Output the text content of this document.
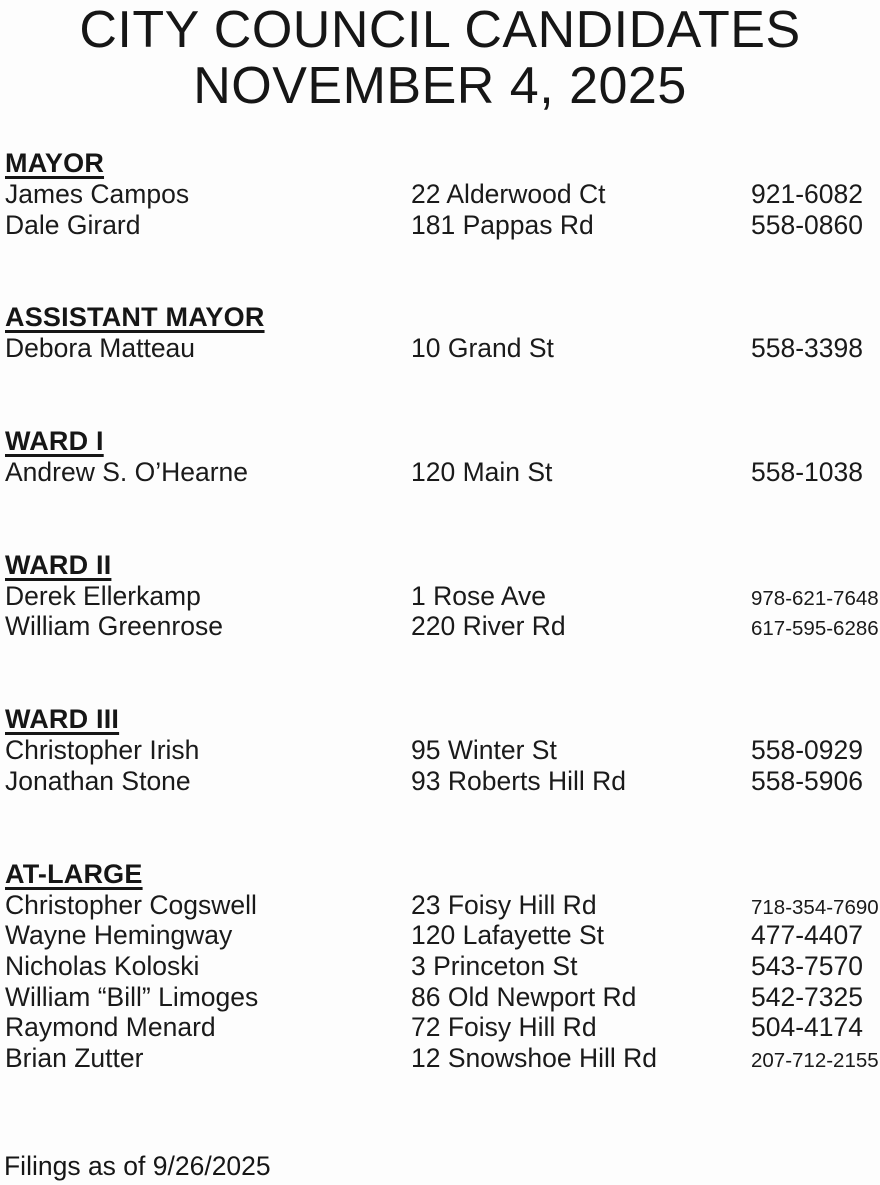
CITY COUNCIL CANDIDATES
NOVEMBER 4, 2025
MAYOR
James Campos	22 Alderwood Ct	921-6082
Dale Girard	181 Pappas Rd	558-0860
ASSISTANT MAYOR
Debora Matteau	10 Grand St	558-3398
WARD I
Andrew S. O’Hearne	120 Main St	558-1038
WARD II
Derek Ellerkamp	1 Rose Ave	978-621-7648
William Greenrose	220 River Rd	617-595-6286
WARD III
Christopher Irish	95 Winter St	558-0929
Jonathan Stone	93 Roberts Hill Rd	558-5906
AT-LARGE
Christopher Cogswell	23 Foisy Hill Rd	718-354-7690
Wayne Hemingway	120 Lafayette St	477-4407
Nicholas Koloski	3 Princeton St	543-7570
William “Bill” Limoges	86 Old Newport Rd	542-7325
Raymond Menard	72 Foisy Hill Rd	504-4174
Brian Zutter	12 Snowshoe Hill Rd	207-712-2155
Filings as of 9/26/2025
